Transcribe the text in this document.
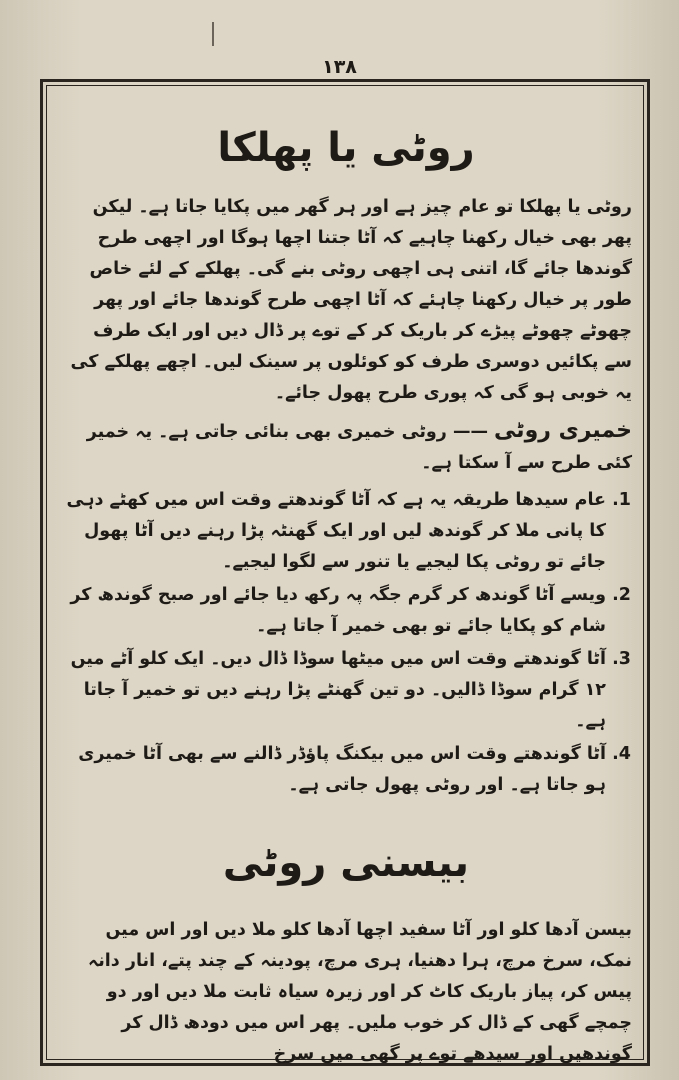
۱۳۸
روٹی یا پھلکا

روٹی یا پھلکا تو عام چیز ہے اور ہر گھر میں پکایا جاتا ہے۔ لیکن پھر بھی خیال رکھنا چاہیے کہ آٹا جتنا اچھا ہوگا اور اچھی طرح گوندھا جائے گا، اتنی ہی اچھی روٹی بنے گی۔ پھلکے کے لئے خاص طور پر خیال رکھنا چاہئے کہ آٹا اچھی طرح گوندھا جائے اور پھر چھوٹے چھوٹے پیڑے کر باریک کر کے توے پر ڈال دیں اور ایک طرف سے پکائیں دوسری طرف کو کوئلوں پر سینک لیں۔ اچھے پھلکے کی یہ خوبی ہو گی کہ پوری طرح پھول جائے۔

خمیری روٹی —— روٹی خمیری بھی بنائی جاتی ہے۔ یہ خمیر کئی طرح سے آ سکتا ہے۔

1. عام سیدھا طریقہ یہ ہے کہ آٹا گوندھتے وقت اس میں کھٹے دہی کا پانی ملا کر گوندھ لیں اور ایک گھنٹہ پڑا رہنے دیں آٹا پھول جائے تو روٹی پکا لیجیے یا تنور سے لگوا لیجیے۔
2. ویسے آٹا گوندھ کر گرم جگہ پہ رکھ دیا جائے اور صبح گوندھ کر شام کو پکایا جائے تو بھی خمیر آ جاتا ہے۔
3. آٹا گوندھتے وقت اس میں میٹھا سوڈا ڈال دیں۔ ایک کلو آٹے میں ۱۲ گرام سوڈا ڈالیں۔ دو تین گھنٹے پڑا رہنے دیں تو خمیر آ جاتا ہے۔
4. آٹا گوندھتے وقت اس میں بیکنگ پاؤڈر ڈالنے سے بھی آٹا خمیری ہو جاتا ہے۔ اور روٹی پھول جاتی ہے۔
بیسنی روٹی

بیسن آدھا کلو اور آٹا سفید اچھا آدھا کلو ملا دیں اور اس میں نمک، سرخ مرچ، ہرا دھنیا، ہری مرچ، پودینہ کے چند پتے، انار دانہ پیس کر، پیاز باریک کاٹ کر اور زیرہ سیاہ ثابت ملا دیں اور دو چمچے گھی کے ڈال کر خوب ملیں۔ پھر اس میں دودھ ڈال کر گوندھیں اور سیدھے توے پر گھی میں سرخ
